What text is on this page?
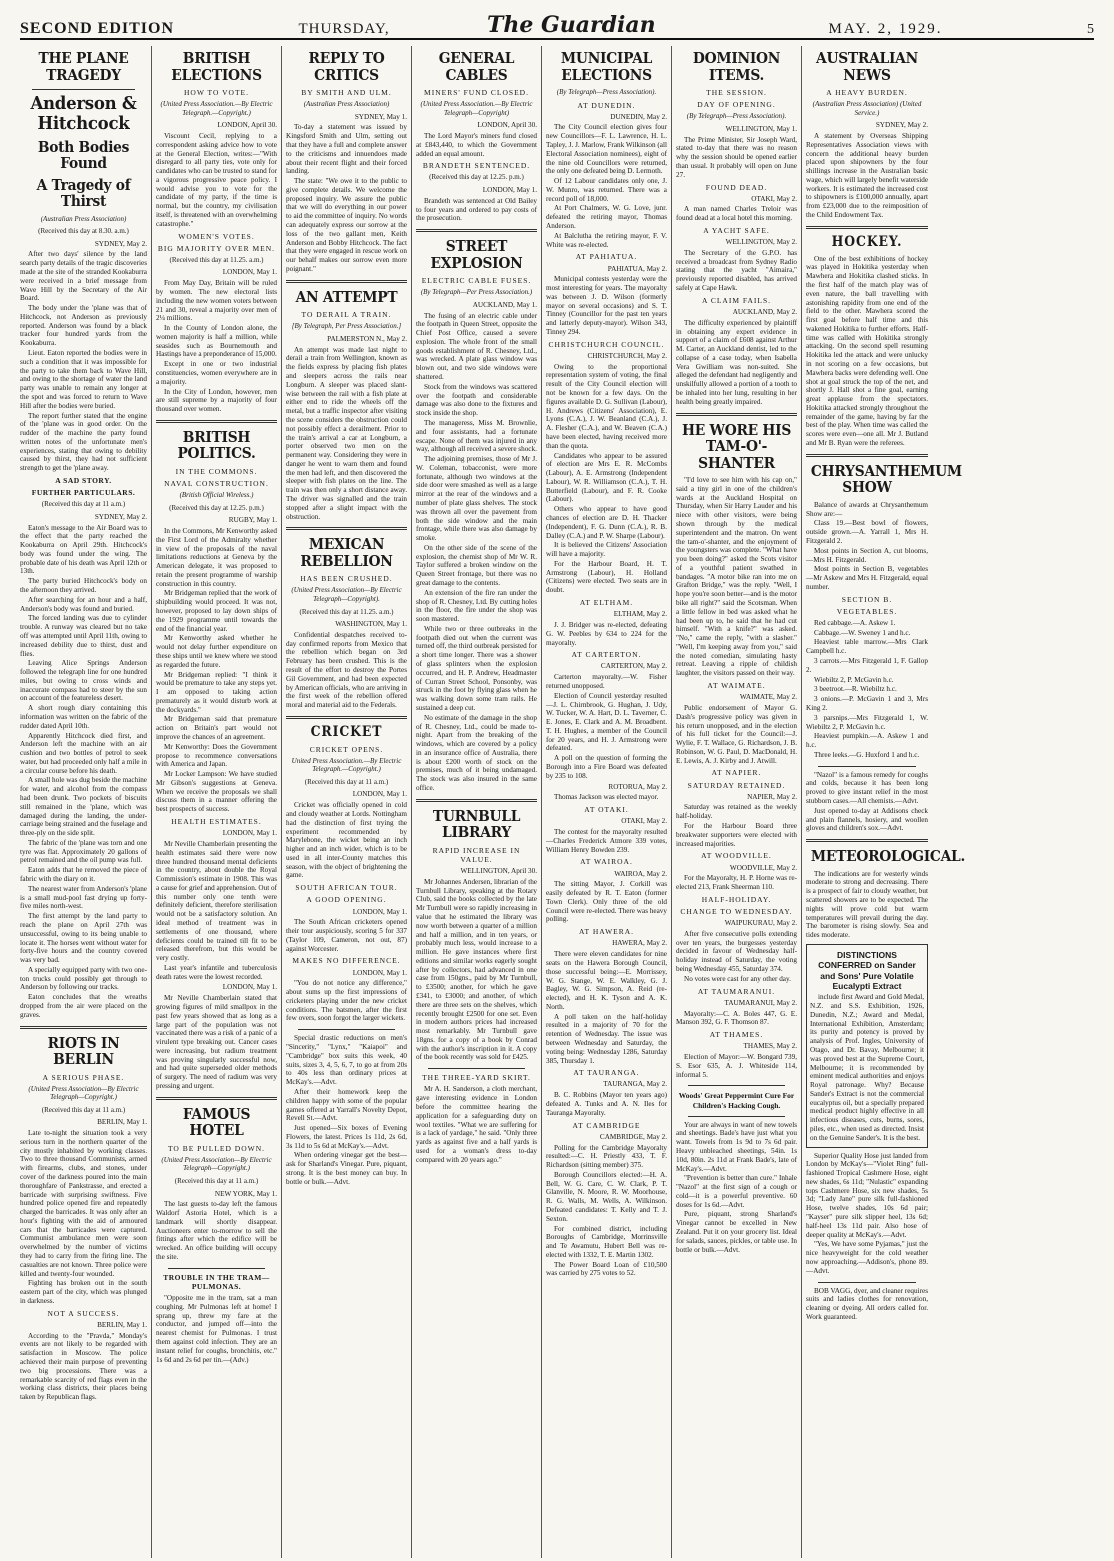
SECOND EDITION	THURSDAY,	The Guardian	MAY. 2, 1929.	5
THE PLANE TRAGEDY
Anderson & Hitchcock
Both Bodies Found
A Tragedy of Thirst
(Australian Press Association)
(Received this day at 8.30. a.m.)
SYDNEY, May 2.

After two days' silence by the land search party details of the tragic discoveries made at the site of the stranded Kookaburra were received in a brief message from Wave Hill by the Secretary of the Air Board.

The body under the 'plane was that of Hitchcock, not Anderson as previously reported. Anderson was found by a black tracker four hundred yards from the Kookaburra.

Lieut. Eaton reported the bodies were in such a condition that it was impossible for the party to take them back to Wave Hill, and owing to the shortage of water the land party was unable to remain any longer at the spot and was forced to return to Wave Hill after the bodies were buried.

The report further stated that the engine of the 'plane was in good order. On the rudder of the machine the party found written notes of the unfortunate men's experiences, stating that owing to debility caused by thirst, they had not sufficient strength to get the 'plane away.

A SAD STORY.
FURTHER PARTICULARS.
(Received this day at 11 a.m.)
SYDNEY, May 2.

Eaton's message to the Air Board was to the effect that the party reached the Kookaburra on April 29th. Hitchcock's body was found under the wing. The probable date of his death was April 12th or 13th.

The party buried Hitchcock's body on the afternoon they arrived.

After searching for an hour and a half, Anderson's body was found and buried.

The forced landing was due to cylinder trouble. A runway was cleared but no take off was attempted until April 11th, owing to increased debility due to thirst, dust and flies.

Leaving Alice Springs Anderson followed the telegraph line for one hundred miles, but owing to cross winds and inaccurate compass had to steer by the sun on account of the featureless desert.

A short rough diary containing this information was written on the fabric of the rudder dated April 10th.

Apparently Hitchcock died first, and Anderson left the machine with an air cushion and two bottles of petrol to seek water, but had proceeded only half a mile in a circular course before his death.

A small hole was dug beside the machine for water, and alcohol from the compass had been drunk. Two pockets of biscuits still remained in the 'plane, which was damaged during the landing, the under-carriage being strained and the fuselage and three-ply on the side split.

The fabric of the 'plane was torn and one tyre was flat. Approximately 20 gallons of petrol remained and the oil pump was full.

Eaton adds that he removed the piece of fabric with the diary on it.

The nearest water from Anderson's 'plane is a small mud-pool fast drying up forty-five miles north-west.

The first attempt by the land party to reach the plane on April 27th was unsuccessful, owing to its being unable to locate it. The horses went without water for forty-five hours and the country covered was very bad.

A specially equipped party with two one-ton trucks could possibly get through to Anderson by following our tracks.

Eaton concludes that the wreaths dropped from the air were placed on the graves.

RIOTS IN BERLIN
A SERIOUS PHASE.
(United Press Association—By Electric Telegraph—Copyright.)
(Received this day at 11 a.m.)
BERLIN, May 1.

Late to-night the situation took a very serious turn in the northern quarter of the city mostly inhabited by working classes. Two to three thousand Communists, armed with firearms, clubs, and stones, under cover of the darkness poured into the main thoroughfare of Pankstrasse, and erected a barricade with surprising swiftness. Five hundred police opened fire and repeatedly charged the barricades. It was only after an hour's fighting with the aid of armoured cars that the barricades were captured. Communist ambulance men were soon overwhelmed by the number of victims they had to carry from the firing line. The casualties are not known. Three police were killed and twenty-four wounded.

Fighting has broken out in the south eastern part of the city, which was plunged in darkness.

NOT A SUCCESS.
BERLIN, May 1.

According to the "Pravda," Monday's events are not likely to be regarded with satisfaction in Moscow. The police achieved their main purpose of preventing two big processions. There was a remarkable scarcity of red flags even in the working class districts, their places being taken by Republican flags.

BRITISH ELECTIONS
HOW TO VOTE.
(United Press Association.—By Electric Telegraph.—Copyright.)
LONDON, April 30.

Viscount Cecil, replying to a correspondent asking advice how to vote at the General Election, writes:—"With disregard to all party ties, vote only for candidates who can be trusted to stand for a vigorous progressive peace policy. I would advise you to vote for the candidate of my party, if the time is normal, but the country, my civilisation itself, is threatened with an overwhelming catastrophe."

WOMEN'S VOTES.
BIG MAJORITY OVER MEN.
(Received this day at 11.25. a.m.)
LONDON, May 1.

From May Day, Britain will be ruled by women. The new electoral lists including the new women voters between 21 and 30, reveal a majority over men of 2¼ millions.

In the County of London alone, the women majority is half a million, while seasides such as Bournemouth and Hastings have a preponderance of 15,000.

Except in one or two industrial constituencies, women everywhere are in a majority.

In the City of London, however, men are still supreme by a majority of four thousand over women.

BRITISH POLITICS.
IN THE COMMONS.
NAVAL CONSTRUCTION.
(British Official Wireless.)
(Received this day at 12.25. p.m.)
RUGBY, May 1.

In the Commons, Mr Kenworthy asked the First Lord of the Admiralty whether in view of the proposals of the naval limitations reductions at Geneva by the American delegate, it was proposed to retain the present programme of warship construction in this country.

Mr Bridgeman replied that the work of shipbuilding would proceed. It was not, however, proposed to lay down ships of the 1929 programme until towards the end of the financial year.

Mr Kenworthy asked whether he would not delay further expenditure on these ships until we knew where we stood as regarded the future.

Mr Bridgeman replied: "I think it would be premature to take any steps yet. I am opposed to taking action prematurely as it would disturb work at the dockyards."

Mr Bridgeman said that premature action on Britain's part would not improve the chances of an agreement.

Mr Kenworthy: Does the Government propose to recommence conversations with America and Japan.

Mr Locker Lampson: We have studied Mr Gibson's suggestions at Geneva. When we receive the proposals we shall discuss them in a manner offering the best prospects of success.

HEALTH ESTIMATES.
LONDON, May 1.

Mr Neville Chamberlain presenting the health estimates said there were now three hundred thousand mental deficients in the country, about double the Royal Commission's estimate in 1908. This was a cause for grief and apprehension. Out of this number only one tenth were definitely deficient, therefore sterilisation would not be a satisfactory solution. An ideal method of treatment was in settlements of one thousand, where deficients could be trained till fit to be released therefrom, but this would be very costly.

Last year's infantile and tuberculosis death rates were the lowest recorded.

LONDON, May 1.

Mr Neville Chamberlain stated that growing figures of mild smallpox in the past few years showed that as long as a large part of the population was not vaccinated there was a risk of a panic of a virulent type breaking out. Cancer cases were increasing, but radium treatment was proving singularly successful now, and had quite superseded older methods of surgery. The need of radium was very pressing and urgent.

FAMOUS HOTEL
TO BE PULLED DOWN.
(United Press Association—By Electric Telegraph—Copyright.)
(Received this day at 11 a.m.)
NEW YORK, May 1.

The last guests to-day left the famous Waldorf Astoria Hotel, which is a landmark will shortly disappear. Auctioneers enter to-morrow to sell the fittings after which the edifice will be wrecked. An office building will occupy the site.

TROUBLE IN THE TRAM—PULMONAS.

"Opposite me in the tram, sat a man coughing. Mr Pulmonas left at home! I sprang up, threw my fare at the conductor, and jumped off—into the nearest chemist for Pulmonas. I trust them against cold infection. They are an instant relief for coughs, bronchitis, etc." 1s 6d and 2s 6d per tin.—(Adv.)

REPLY TO CRITICS
BY SMITH AND ULM.
(Australian Press Association)
SYDNEY, May 1.

To-day a statement was issued by Kingsford Smith and Ulm, setting out that they have a full and complete answer to the criticisms and innuendoes made about their recent flight and their forced landing.

The state: "We owe it to the public to give complete details. We welcome the proposed inquiry. We assure the public that we will do everything in our power to aid the committee of inquiry. No words can adequately express our sorrow at the loss of the two gallant men, Keith Anderson and Bobby Hitchcock. The fact that they were engaged in rescue work on our behalf makes our sorrow even more poignant."

AN ATTEMPT
TO DERAIL A TRAIN.
[By Telegraph, Per Press Association.]
PALMERSTON N., May 2.

An attempt was made last night to derail a train from Wellington, known as the fields express by placing fish plates and sleepers across the rails near Longburn. A sleeper was placed slant-wise between the rail with a fish plate at either end to ride the wheels off the metal, but a traffic inspector after visiting the scene considers the obstruction could not possibly effect a derailment. Prior to the train's arrival a car at Longburn, a porter observed two men on the permanent way. Considering they were in danger he went to warn them and found the men had left, and then discovered the sleeper with fish plates on the line. The train was then only a short distance away. The driver was signalled and the train stopped after a slight impact with the obstruction.

MEXICAN REBELLION
HAS BEEN CRUSHED.
(United Press Association—By Electric Telegraph—Copyright).
(Received this day at 11.25. a.m.)
WASHINGTON, May 1.

Confidential despatches received to-day confirmed reports from Mexico that the rebellion which began on 3rd February has been crushed. This is the result of the effort to destroy the Portes Gil Government, and had been expected by American officials, who are arriving in the first week of the rebellion offered moral and material aid to the Federals.

CRICKET
CRICKET OPENS.
United Press Association.—By Electric Telegraph.—Copyright.)
(Received this day at 11 a.m.)
LONDON, May 1.

Cricket was officially opened in cold and cloudy weather at Lords. Nottingham had the distinction of first trying the experiment recommended by Marylebone, the wicket being an inch higher and an inch wider, which is to be used in all inter-County matches this season, with the object of brightening the game.

SOUTH AFRICAN TOUR.
A GOOD OPENING.
LONDON, May 1.

The South African cricketers opened their tour auspiciously, scoring 5 for 337 (Taylor 109, Cameron, not out, 87) against Worcester.

MAKES NO DIFFERENCE.
LONDON, May 1.

"You do not notice any difference," about sums up the first impressions of cricketers playing under the new cricket conditions. The batsmen, after the first few overs, soon forgot the larger wickets.

Special drastic reductions on men's "Sincerity," "Lynx," "Kaiapoi" and "Cambridge" box suits this week, 40 suits, sizes 3, 4, 5, 6, 7, to go at from 20s to 40s less than ordinary prices at McKay's.—Advt.

After their homework keep the children happy with some of the popular games offered at Yarrall's Novelty Depot, Revell St.—Advt.

Just opened—Six boxes of Evening Flowers, the latest. Prices 1s 11d, 2s 6d, 3s 11d to 5s 6d at McKay's.—Advt.

When ordering vinegar get the best—ask for Sharland's Vinegar. Pure, piquant, strong. It is the best money can buy. In bottle or bulk.—Advt.

GENERAL CABLES
MINERS' FUND CLOSED.
(United Press Association.—By Electric Telegraph—Copyright)
LONDON, April 30.

The Lord Mayor's miners fund closed at £843,440, to which the Government added an equal amount.

BRANDETH SENTENCED.
(Received this day at 12.25. p.m.)
LONDON, May 1.

Brandeth was sentenced at Old Bailey to four years and ordered to pay costs of the prosecution.

STREET EXPLOSION
ELECTRIC CABLE FUSES.
(By Telegraph—Per Press Association.)
AUCKLAND, May 1.

The fusing of an electric cable under the footpath in Queen Street, opposite the Chief Post Office, caused a severe explosion. The whole front of the small goods establishment of R. Chesney, Ltd., was wrecked. A plate glass window was blown out, and two side windows were shattered.

Stock from the windows was scattered over the footpath and considerable damage was also done to the fixtures and stock inside the shop.

The manageress, Miss M. Brownlie, and four assistants, had a fortunate escape. None of them was injured in any way, although all received a severe shock.

The adjoining premises, those of Mr J. W. Coleman, tobacconist, were more fortunate, although two windows at the side door were smashed as well as a large mirror at the rear of the windows and a number of plate glass shelves. The stock was thrown all over the pavement from both the side window and the main frontage, while there was also damage by smoke.

On the other side of the scene of the explosion, the chemist shop of Mr W. R. Taylor suffered a broken window on the Queen Street frontage, but there was no great damage to the contents.

An extension of the fire ran under the shop of R. Chesney, Ltd. By cutting holes in the floor, the fire under the shop was soon mastered.

While two or three outbreaks in the footpath died out when the current was turned off, the third outbreak persisted for a short time longer. There was a shower of glass splinters when the explosion occurred, and H. P. Andrew, Headmaster of Curran Street School, Ponsonby, was struck in the foot by flying glass when he was walking down some tram rails. He sustained a deep cut.

No estimate of the damage in the shop of R. Chesney, Ltd., could be made to-night. Apart from the breaking of the windows, which are covered by a policy in an insurance office of Australia, there is about £200 worth of stock on the premises, much of it being undamaged. The stock was also insured in the same office.

TURNBULL LIBRARY
RAPID INCREASE IN VALUE.
WELLINGTON, April 30.

Mr Johannes Andersen, librarian of the Turnbull Library, speaking at the Rotary Club, said the books collected by the late Mr Turnbull were so rapidly increasing in value that he estimated the library was now worth between a quarter of a million and half a million, and in ten years, or probably much less, would increase to a million. He gave instances where first editions and similar works eagerly sought after by collectors, had advanced in one case from 150gns., paid by Mr Turnbull, to £3500; another, for which he gave £341, to £3000; and another, of which there are three sets on the shelves, which recently brought £2500 for one set. Even in modern authors prices had increased most remarkably. Mr Turnbull gave 18gns. for a copy of a book by Conrad with the author's inscription in it. A copy of the book recently was sold for £425.

THE THREE-YARD SKIRT.

Mr A. H. Sanderson, a cloth merchant, gave interesting evidence in London before the committee hearing the application for a safeguarding duty on wool textiles. "What we are suffering for is a lack of yardage," he said. "Only three yards as against five and a half yards is used for a woman's dress to-day compared with 20 years ago."

MUNICIPAL ELECTIONS
(By Telegraph—Press Association).
AT DUNEDIN.
DUNEDIN, May 2.

The City Council election gives four new Councillors—F. L. Lawrence, H. L. Tapley, J. J. Marlow, Frank Wilkinson (all Electoral Association nominees), eight of the nine old Councillors were returned, the only one defeated being D. Lermoth.

Of 12 Labour candidates only one, J. W. Munro, was returned. There was a record poll of 18,000.

At Port Chalmers, W. G. Love, junr. defeated the retiring mayor, Thomas Anderson.

At Balclutha the retiring mayor, F. V. White was re-elected.

AT PAHIATUA.
PAHIATUA, May 2.

Municipal contests yesterday were the most interesting for years. The mayoralty was between J. D. Wilson (formerly mayor on several occasions) and S. T. Tinney (Councillor for the past ten years and latterly deputy-mayor). Wilson 343, Tinney 294.

CHRISTCHURCH COUNCIL.
CHRISTCHURCH, May 2.

Owing to the proportional representation system of voting, the final result of the City Council election will not be known for a few days. On the figures available D. G. Sullivan (Labour), H. Andrews (Citizens' Association), E. Lyons (C.A.), J. W. Beanland (C.A.), J. A. Flesher (C.A.), and W. Beaven (C.A.) have been elected, having received more than the quota.

Candidates who appear to be assured of election are Mrs E. R. McCombs (Labour), A. E. Armstrong (Independent Labour), W. R. Williamson (C.A.), T. H. Butterfield (Labour), and F. R. Cooke (Labour).

Others who appear to have good chances of election are D. H. Thacker (Independent), F. G. Dunn (C.A.), R. B. Dalley (C.A.) and P. W. Sharpe (Labour).

It is believed the Citizens' Association will have a majority.

For the Harbour Board, H. T. Armstrong (Labour), H. Holland (Citizens) were elected. Two seats are in doubt.

AT ELTHAM.
ELTHAM, May 2.

J. J. Bridger was re-elected, defeating G. W. Peebles by 634 to 224 for the mayoralty.

AT CARTERTON.
CARTERTON, May 2.

Carterton mayoralty.—W. Fisher returned unopposed.

Election of Council yesterday resulted—J. L. Chirnbrook, G. Hughan, J. Udy, W. Tucker, W. A. Hart, D. L. Taverner, C. E. Jones, E. Clark and A. M. Broadbent. T. H. Hughes, a member of the Council for 20 years, and H. J. Armstrong were defeated.

A poll on the question of forming the Borough into a Fire Board was defeated by 235 to 108.

ROTORUA, May 2.

Thomas Jackson was elected mayor.

AT OTAKI.
OTAKI, May 2.

The contest for the mayoralty resulted—Charles Frederick Atmore 339 votes, William Henry Bowden 239.

AT WAIROA.
WAIROA, May 2.

The sitting Mayor, J. Corkill was easily defeated by R. T. Eaton (former Town Clerk). Only three of the old Council were re-elected. There was heavy polling.

AT HAWERA.
HAWERA, May 2.

There were eleven candidates for nine seats on the Hawera Borough Council, those successful being:—E. Morrissey, W. G. Stange, W. E. Walkley, G. J. Bagley, W. G. Simpson, A. Reid (re-elected), and H. K. Tyson and A. K. North.

A poll taken on the half-holiday resulted in a majority of 70 for the retention of Wednesday. The issue was between Wednesday and Saturday, the voting being: Wednesday 1286, Saturday 385, Thursday 1.

AT TAURANGA.
TAURANGA, May 2.

B. C. Robbins (Mayor ten years ago) defeated A. Tunks and A. N. Iles for Tauranga Mayoralty.

AT CAMBRIDGE
CAMBRIDGE, May 2.

Polling for the Cambridge Mayoralty resulted:—C. H. Priestly 433, T. F. Richardson (sitting member) 375.

Borough Councillors elected:—H. A. Bell, W. G. Care, C. W. Clark, P. T. Glanville, N. Moore, R. W. Moorhouse, R. G. Walls, M. Wells, A. Wilkinson. Defeated candidates: T. Kelly and T. J. Sexton.

For combined district, including Boroughs of Cambridge, Morrinsville and Te Awamutu, Hubert Bell was re-elected with 1332, T. E. Martin 1302.

The Power Board Loan of £10,500 was carried by 275 votes to 52.

DOMINION ITEMS.
THE SESSION.
DAY OF OPENING.
(By Telegraph—Press Association).
WELLINGTON, May 1.

The Prime Minister, Sir Joseph Ward, stated to-day that there was no reason why the session should be opened earlier than usual. It probably will open on June 27.

FOUND DEAD.
OTAKI, May 2.

A man named Charles Treloir was found dead at a local hotel this morning.

A YACHT SAFE.
WELLINGTON, May 2.

The Secretary of the G.P.O. has received a broadcast from Sydney Radio stating that the yacht "Aimaira," previously reported disabled, has arrived safely at Cape Hawk.

A CLAIM FAILS.
AUCKLAND, May 2.

The difficulty experienced by plaintiff in obtaining any expert evidence in support of a claim of £608 against Arthur M. Carter, an Auckland dentist, led to the collapse of a case today, when Isabella Vera Gwilliam was non-suited. She alleged the defendant had negligently and unskilfully allowed a portion of a tooth to be inhaled into her lung, resulting in her health being greatly impaired.

HE WORE HIS TAM-O'-SHANTER

"I'd love to see him with his cap on," said a tiny girl in one of the children's wards at the Auckland Hospital on Thursday, when Sir Harry Lauder and his niece with other visitors, were being shown through by the medical superintendent and the matron. On went the tam-o'-shanter, and the enjoyment of the youngsters was complete. "What have you been doing?" asked the Scots visitor of a youthful patient swathed in bandages. "A motor bike ran into me on Grafton Bridge," was the reply. "Well, I hope you're soon better—and is the motor bike all right?" said the Scotsman. When a little fellow in bed was asked what he had been up to, he said that he had cut himself. "With a knife?" was asked. "No," came the reply, "with a slasher." "Well, I'm keeping away from you," said the noted comedian, simulating hasty retreat. Leaving a ripple of childish laughter, the visitors passed on their way.

AT WAIMATE.
WAIMATE, May 2.

Public endorsement of Mayor G. Dash's progressive policy was given in his return unopposed, and in the election of his full ticket for the Council:—J. Wylie, F. T. Wallace, G. Richardson, J. B. Robinson, W. G. Paul, D. MacDonald, H. E. Lewis, A. J. Kirby and J. Atwill.

AT NAPIER.
SATURDAY RETAINED.
NAPIER, May 2.

Saturday was retained as the weekly half-holiday.

For the Harbour Board three breakwater supporters were elected with increased majorities.

AT WOODVILLE.
WOODVILLE, May 2.

For the Mayoralty, H. P. Horne was re-elected 213, Frank Sheerman 110.

HALF-HOLIDAY.
CHANGE TO WEDNESDAY.
WAIPUKURAU, May 2.

After five consecutive polls extending over ten years, the burgesses yesterday decided in favour of Wednesday half-holiday instead of Saturday, the voting being Wednesday 455, Saturday 374.

No votes were cast for any other day.

AT TAUMARANUI.
TAUMARANUI, May 2.

Mayoralty:—C. A. Boles 447, G. E. Manson 392, G. F. Thomson 87.

AT THAMES.
THAMES, May 2.

Election of Mayor:—W. Bongard 739, S. Esor 635, A. J. Whiteside 114, informal 5.

Woods' Great Peppermint Cure For Children's Hacking Cough.

Your are always in want of new towels and sheetings. Bade's have just what you want. Towels from 1s 9d to 7s 6d pair. Heavy unbleached sheetings, 54in. 1s 10d, 80in. 2s 11d at Frank Bade's, late of McKay's.—Advt.

"Prevention is better than cure." Inhale "Nazol" at the first sign of a cough or cold—it is a powerful preventive. 60 doses for 1s 6d.—Advt.

Pure, piquant, strong Sharland's Vinegar cannot be excelled in New Zealand. Put it on your grocery list. Ideal for salads, sauces, pickles, or table use. In bottle or bulk.—Advt.

AUSTRALIAN NEWS
A HEAVY BURDEN.
(Australian Press Association) (United Service.)
SYDNEY, May 2.

A statement by Overseas Shipping Representatives Association views with concern the additional heavy burden placed upon shipowners by the four shillings increase in the Australian basic wage, which will largely benefit waterside workers. It is estimated the increased cost to shipowners is £100,000 annually, apart from £23,000 due to the reimposition of the Child Endowment Tax.

HOCKEY.

One of the best exhibitions of hockey was played in Hokitika yesterday when Mawhera and Hokitika clashed sticks. In the first half of the match play was of even nature, the ball travelling with astonishing rapidity from one end of the field to the other. Mawhera scored the first goal before half time and this wakened Hokitika to further efforts. Half-time was called with Hokitika strongly attacking. On the second spell resuming Hokitika led the attack and were unlucky in not scoring on a few occasions, but Mawhera backs were defending well. One shot at goal struck the top of the net, and shortly J. Hall shot a fine goal, earning great applause from the spectators. Hokitika attacked strongly throughout the remainder of the game, having by far the best of the play. When time was called the scores were even—one all. Mr J. Butland and Mr B. Ryan were the referees.

CHRYSANTHEMUM SHOW

Balance of awards at Chrysanthemum Show are:—

Class 19.—Best bowl of flowers, outside grown.—A. Yarrall 1, Mrs H. Fitzgerald 2.

Most points in Section A, cut blooms, —Mrs H. Fitzgerald.

Most points in Section B, vegetables —Mr Askew and Mrs H. Fitzgerald, equal number.

SECTION B.
VEGETABLES.

Red cabbage.—A. Askew 1.

Cabbage.—W. Sweney 1 and h.c.

Heaviest table marrow.—Mrs Clark Campbell h.c.

3 carrots.—Mrs Fitzgerald 1, F. Gallop 2.

Wiebiltz 2, P. McGavin h.c.

3 beetroot.—R. Wiebiltz h.c.

3 onions.—P. McGavin 1 and 3, Mrs King 2.

3 parsnips.—Mrs Fitzgerald 1, W. Wiebiltz 2, P. McGavin h.c.

Heaviest pumpkin.—A. Askew 1 and h.c.

Three leeks.—G. Huxford 1 and h.c.

"Nazol" is a famous remedy for coughs and colds, because it has been long proved to give instant relief in the most stubborn cases.—All chemists.—Advt.

Just opened to-day at Addisons check and plain flannels, hosiery, and woollen gloves and children's sox.—Advt.

METEOROLOGICAL.

The indications are for westerly winds moderate to strong and decreasing. There is a prospect of fair to cloudy weather, but scattered showers are to be expected. The nights will prove cold but warm temperatures will prevail during the day. The barometer is rising slowly. Sea and tides moderate.

DISTINCTIONS CONFERRED on Sander and Sons' Pure Volatile Eucalypti Extract

include first Award and Gold Medal, N.Z. and S.S. Exhibition, 1926, Dunedin, N.Z.; Award and Medal, International Exhibition, Amsterdam; its purity and potency is proved by analysis of Prof. Ingles, University of Otago, and Dr. Bavay, Melbourne; it was proved best at the Supreme Court, Melbourne; it is recommended by eminent medical authorities and enjoys Royal patronage. Why? Because Sander's Extract is not the commercial eucalyptus oil, but a specially prepared medical product highly effective in all infectious diseases, cuts, burns, sores, piles, etc., when used as directed. Insist on the Genuine Sander's. It is the best.

Superior Quality Hose just landed from London by McKay's—"Violet Ring" full-fashioned Tropical Cashmere Hose, eight new shades, 6s 11d; "Nulastic" expanding tops Cashmere Hose, six new shades, 5s 3d; "Lady Jane" pure silk full-fashioned Hose, twelve shades, 10s 6d pair; "Kayser" pure silk slipper heel, 13s 6d; half-heel 13s 11d pair. Also hose of deeper quality at McKay's.—Advt.

"Yes, We have some Pyjamas," just the nice heavyweight for the cold weather now approaching.—Addison's, phone 89.—Advt.

BOB VAGG, dyer, and cleaner requires suits and ladies clothes for renovation, cleaning or dyeing. All orders called for. Work guaranteed.
